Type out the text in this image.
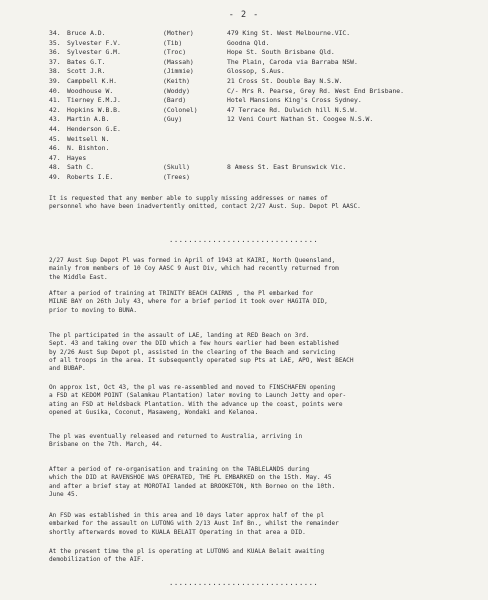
- 2 -
34.	Bruce A.D.	(Mother)	479 King St. West Melbourne.VIC.
35.	Sylvester F.V.	(Tib)	Goodna Qld.
36.	Sylvester G.M.	(Troc)	Hope St. South Brisbane Qld.
37.	Bates G.T.	(Massah)	The Plain, Caroda via Barraba NSW.
38.	Scott J.R.	(Jimmie)	Glossop, S.Aus.
39.	Campbell K.H.	(Keith)	21 Cross St. Double Bay N.S.W.
40.	Woodhouse W.	(Woddy)	C/- Mrs R. Pearse, Grey Rd. West End Brisbane.
41.	Tierney E.M.J.	(Bard)	Hotel Mansions King's Cross Sydney.
42.	Hopkins W.B.B.	(Colonel)	47 Terrace Rd. Dulwich hill N.S.W.
43.	Martin A.B.	(Guy)	12 Veni Court Nathan St. Coogee N.S.W.
44.	Henderson G.E.
45.	Weitsell N.
46.	N. Bishton.
47.	Hayes
48.	Sath C.	(Skull)	8 Amess St. East Brunswick Vic.
49.	Roberts I.E.	(Trees)

It is requested that any member able to supply missing addresses or names of
personnel who have been inadvertently omitted, contact 2/27 Aust. Sup. Depot Pl AASC.

...............................

2/27 Aust Sup Depot Pl was formed in April of 1943 at KAIRI, North Queensland,
mainly from members of 10 Coy AASC 9 Aust Div, which had recently returned from
the Middle East.

After a period of training at TRINITY BEACH CAIRNS , the Pl embarked for
MILNE BAY on 26th July 43, where for a brief period it took over HAGITA DID,
prior to moving to BUNA.

The pl participated in the assault of LAE, landing at RED Beach on 3rd.
Sept. 43 and taking over the DID which a few hours earlier had been established
by 2/26 Aust Sup Depot pl, assisted in the clearing of the Beach and servicing
of all troops in the area. It subsequently operated sup Pts at LAE, APO, West BEACH
and BUBAP.

On approx 1st, Oct 43, the pl was re-assembled and moved to FINSCHAFEN opening
a FSD at KEDOM POINT (Salamkau Plantation) later moving to Launch Jetty and oper-
ating an FSD at Heldsback Plantation. With the advance up the coast, points were
opened at Gusika, Coconut, Masaweng, Wondaki and Kelanoa.

The pl was eventually released and returned to Australia, arriving in
Brisbane on the 7th. March, 44.

After a period of re-organisation and training on the TABLELANDS during
which the DID at RAVENSHOE WAS OPERATED, THE PL EMBARKED on the 15th. May. 45
and after a brief stay at MOROTAI landed at BROOKETON, Nth Borneo on the 10th.
June 45.

An FSD was established in this area and 10 days later approx half of the pl
embarked for the assault on LUTONG with 2/13 Aust Inf Bn., whilst the remainder
shortly afterwards moved to KUALA BELAIT Operating in that area a DID.

At the present time the pl is operating at LUTONG and KUALA Belait awaiting
demobilization of the AIF.

...............................
